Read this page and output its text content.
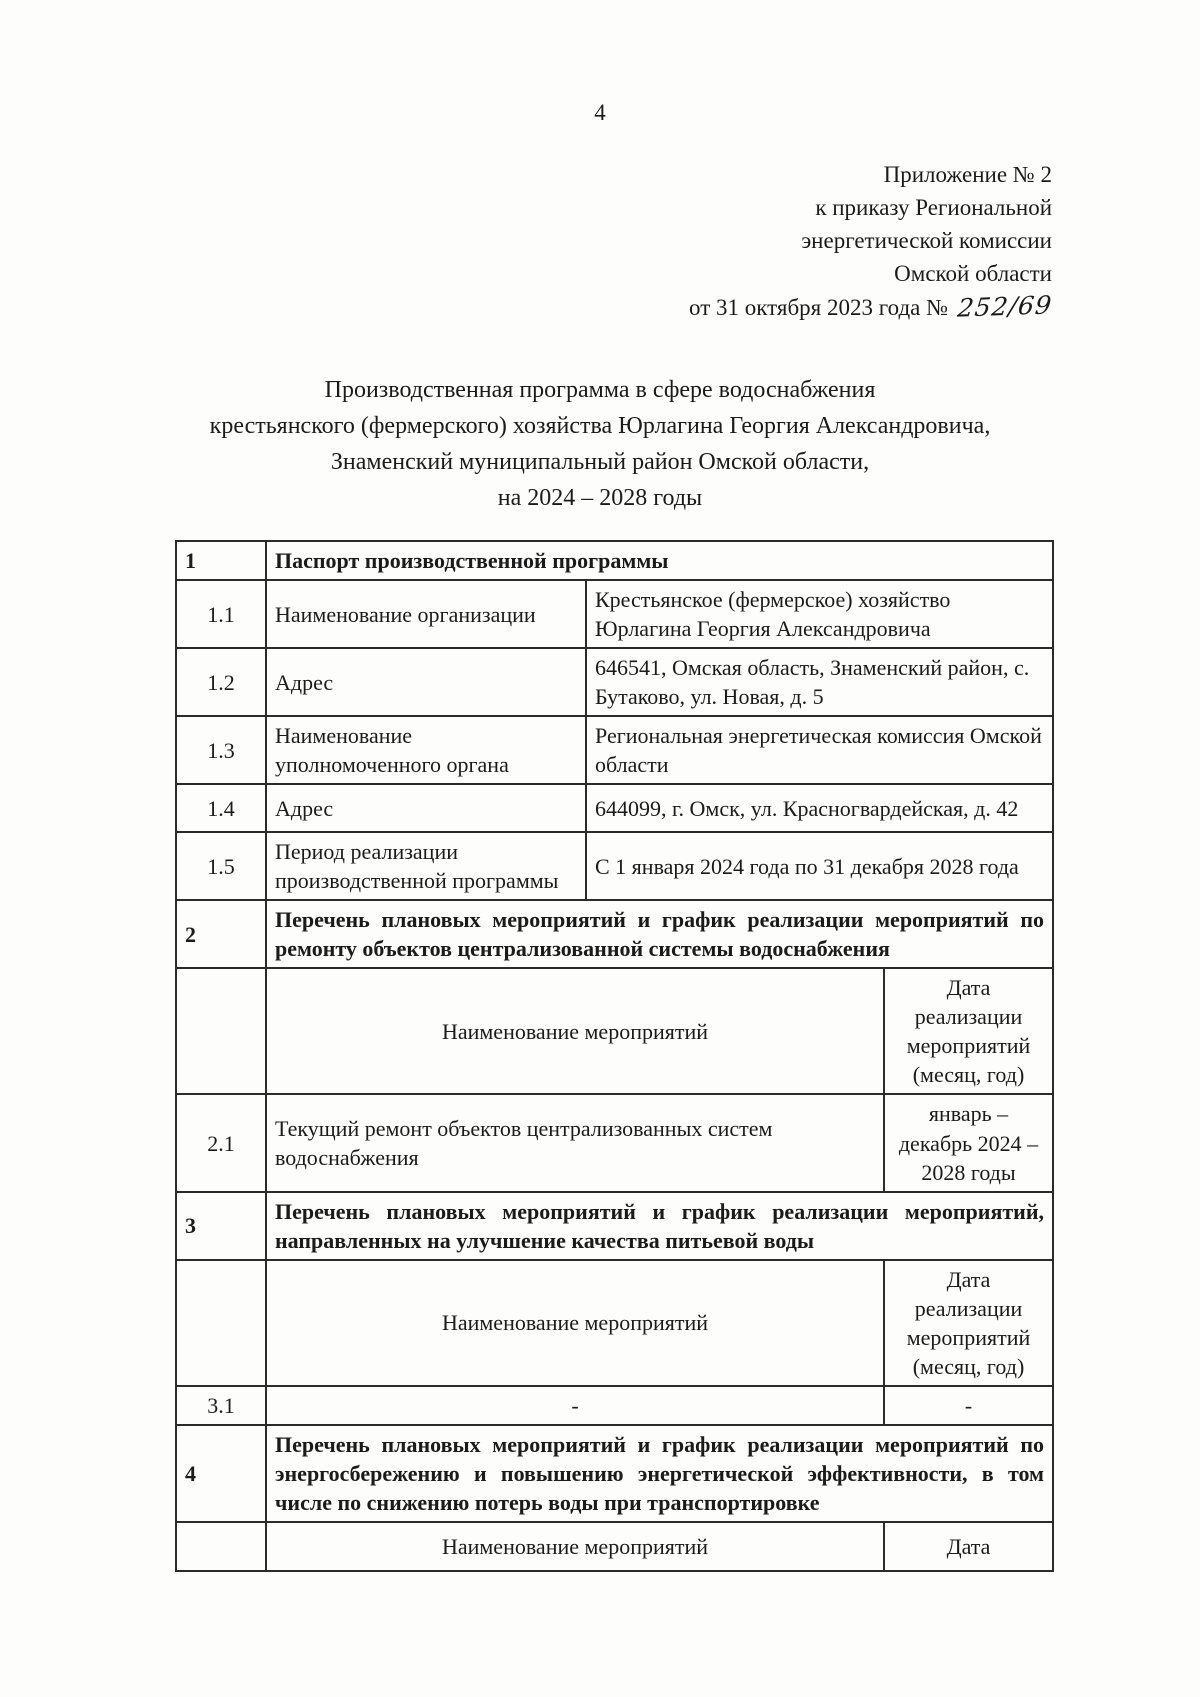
4
Приложение № 2
к приказу Региональной
энергетической комиссии
Омской области
от 31 октября 2023 года № 252/69
Производственная программа в сфере водоснабжения
крестьянского (фермерского) хозяйства Юрлагина Георгия Александровича,
Знаменский муниципальный район Омской области,
на 2024 – 2028 годы
1	Паспорт производственной программы		
1.1	Наименование организации	Крестьянское (фермерское) хозяйство Юрлагина Георгия Александровича	
1.2	Адрес	646541, Омская область, Знаменский район, с. Бутаково, ул. Новая, д. 5	
1.3	Наименование уполномоченного органа	Региональная энергетическая комиссия Омской области	
1.4	Адрес	644099, г. Омск, ул. Красногвардейская, д. 42	
1.5	Период реализации производственной программы	С 1 января 2024 года по 31 декабря 2028 года	
2	Перечень плановых мероприятий и график реализации мероприятий по ремонту объектов централизованной системы водоснабжения		
	Наименование мероприятий		Дата реализации мероприятий (месяц, год)
2.1	Текущий ремонт объектов централизованных систем водоснабжения		январь – декабрь 2024 – 2028 годы
3	Перечень плановых мероприятий и график реализации мероприятий, направленных на улучшение качества питьевой воды		
	Наименование мероприятий		Дата реализации мероприятий (месяц, год)
3.1	-		-
4	Перечень плановых мероприятий и график реализации мероприятий по энергосбережению и повышению энергетической эффективности, в том числе по снижению потерь воды при транспортировке		
	Наименование мероприятий		Дата
